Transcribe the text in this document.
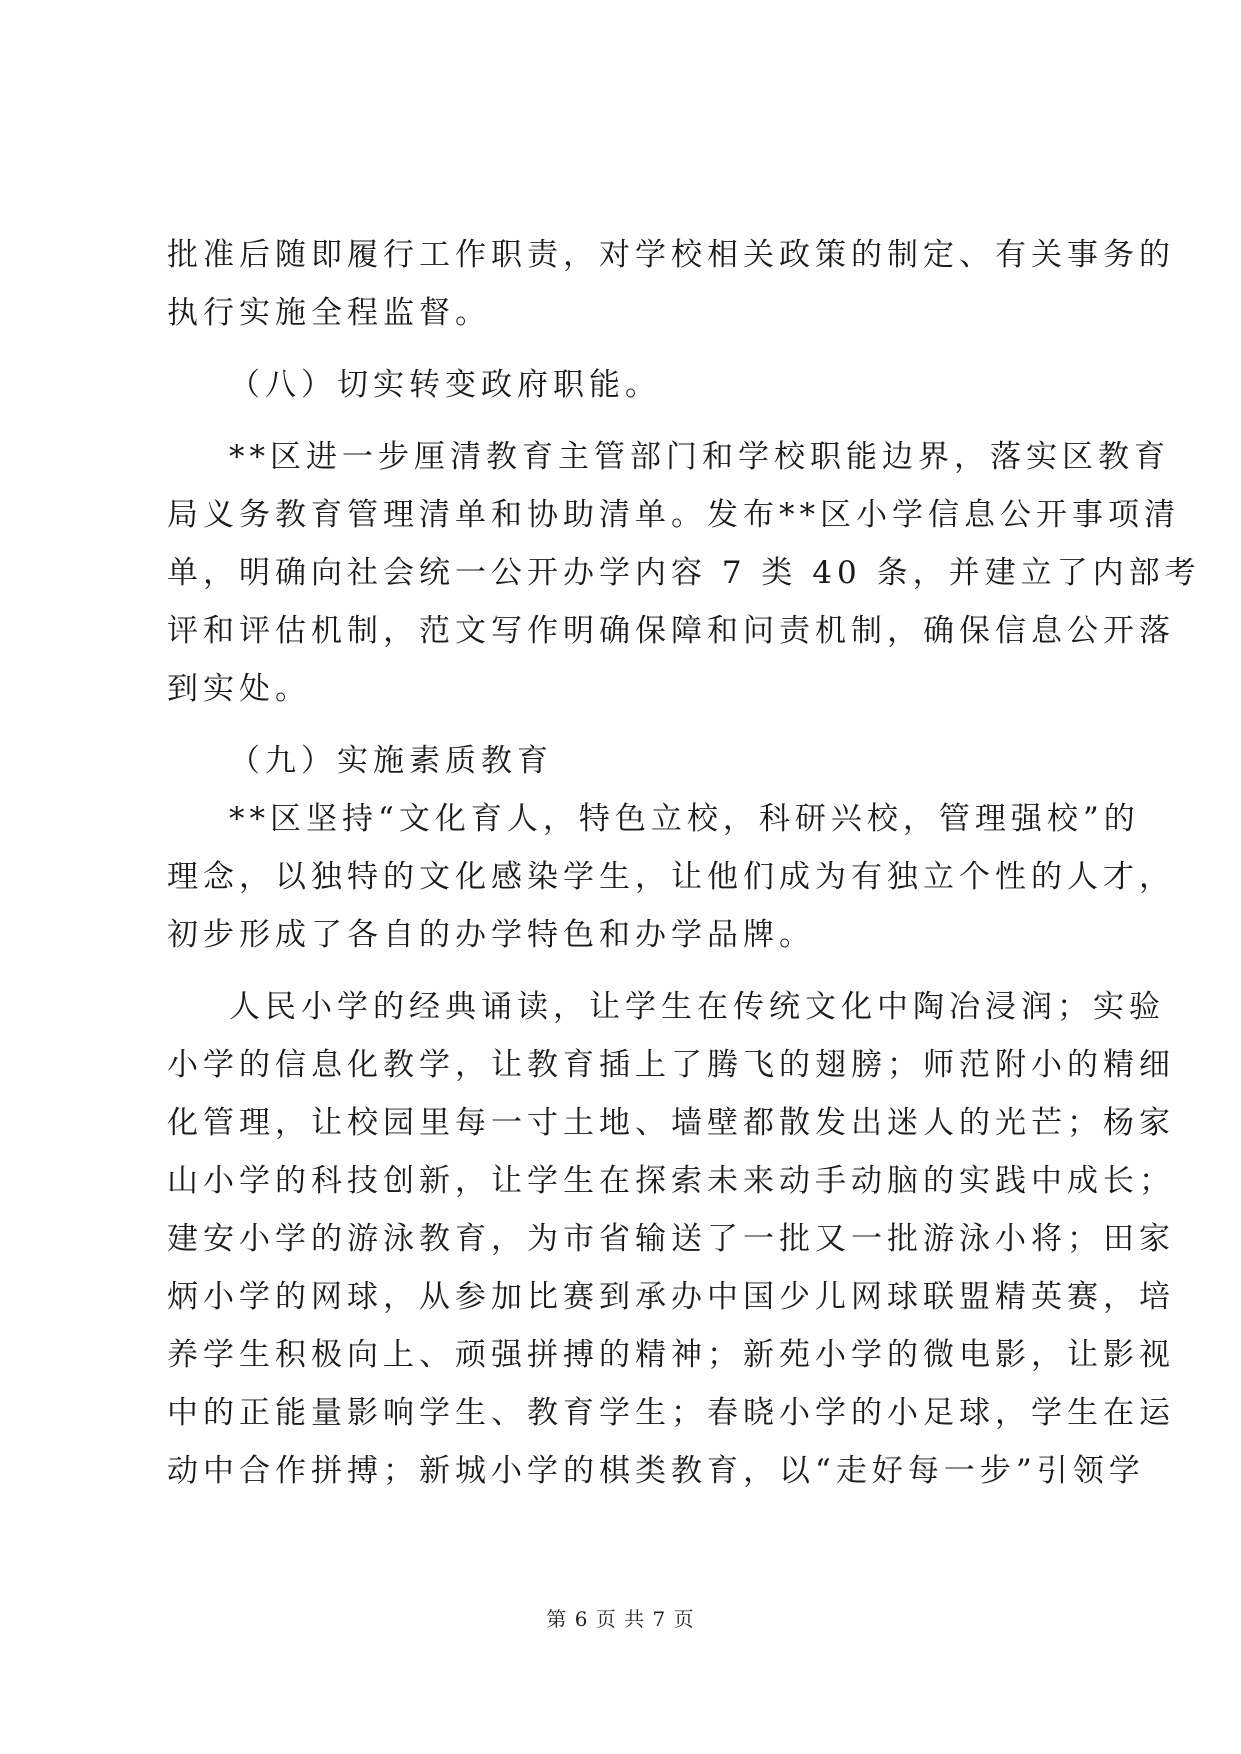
批准后随即履行工作职责，对学校相关政策的制定、有关事务的
执行实施全程监督。
（八）切实转变政府职能。
**区进一步厘清教育主管部门和学校职能边界，落实区教育
局义务教育管理清单和协助清单。发布**区小学信息公开事项清
单，明确向社会统一公开办学内容 7 类 40 条，并建立了内部考
评和评估机制，范文写作明确保障和问责机制，确保信息公开落
到实处。
（九）实施素质教育
**区坚持“文化育人，特色立校，科研兴校，管理强校”的
理念，以独特的文化感染学生，让他们成为有独立个性的人才，
初步形成了各自的办学特色和办学品牌。
人民小学的经典诵读，让学生在传统文化中陶冶浸润；实验
小学的信息化教学，让教育插上了腾飞的翅膀；师范附小的精细
化管理，让校园里每一寸土地、墙壁都散发出迷人的光芒；杨家
山小学的科技创新，让学生在探索未来动手动脑的实践中成长；
建安小学的游泳教育，为市省输送了一批又一批游泳小将；田家
炳小学的网球，从参加比赛到承办中国少儿网球联盟精英赛，培
养学生积极向上、顽强拼搏的精神；新苑小学的微电影，让影视
中的正能量影响学生、教育学生；春晓小学的小足球，学生在运
动中合作拼搏；新城小学的棋类教育，以“走好每一步”引领学
第 6 页 共 7 页
